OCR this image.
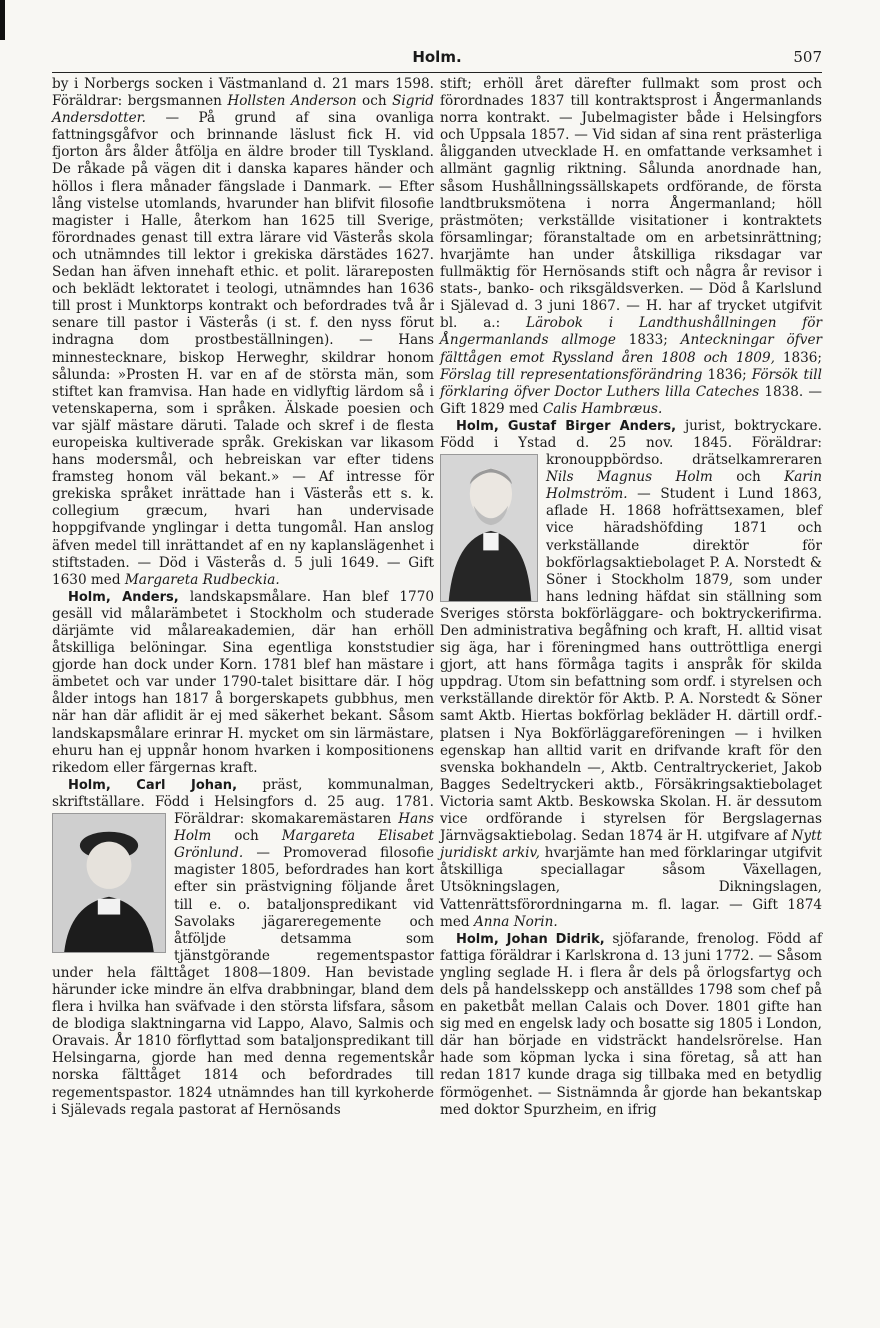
Holm.	507

by i Norbergs socken i Västmanland d. 21 mars 1598. Föräldrar: bergsmannen Hollsten Anderson och Sigrid Andersdotter. — På grund af sina ovanliga fattningsgåfvor och brinnande läslust fick H. vid fjorton års ålder åtfölja en äldre broder till Tyskland. De råkade på vägen dit i danska kapares händer och höllos i flera månader fängslade i Danmark. — Efter lång vistelse utomlands, hvarunder han blifvit filosofie magister i Halle, återkom han 1625 till Sverige, förordnades genast till extra lärare vid Västerås skola och utnämndes till lektor i grekiska därstädes 1627. Sedan han äfven innehaft ethic. et polit. lärareposten och beklädt lektoratet i teologi, utnämndes han 1636 till prost i Munktorps kontrakt och befordrades två år senare till pastor i Västerås (i st. f. den nyss förut indragna dom prostbeställningen). — Hans minnestecknare, biskop Herweghr, skildrar honom sålunda: »Prosten H. var en af de största män, som stiftet kan framvisa. Han hade en vidlyftig lärdom så i vetenskaperna, som i språken. Älskade poesien och var själf mästare däruti. Talade och skref i de flesta europeiska kultiverade språk. Grekiskan var likasom hans modersmål, och hebreiskan var efter tidens framsteg honom väl bekant.» — Af intresse för grekiska språket inrättade han i Västerås ett s. k. collegium græcum, hvari han undervisade hoppgifvande ynglingar i detta tungomål. Han anslog äfven medel till inrättandet af en ny kaplanslägenhet i stiftstaden. — Död i Västerås d. 5 juli 1649. — Gift 1630 med Margareta Rudbeckia.

Holm, Anders, landskapsmålare. Han blef 1770 gesäll vid målarämbetet i Stockholm och studerade därjämte vid målareakademien, där han erhöll åtskilliga belöningar. Sina egentliga konststudier gjorde han dock under Korn. 1781 blef han mästare i ämbetet och var under 1790-talet bisittare där. I hög ålder intogs han 1817 å borgerskapets gubbhus, men när han där aflidit är ej med säkerhet bekant. Såsom landskapsmålare erinrar H. mycket om sin lärmästare, ehuru han ej uppnår honom hvarken i kompositionens rikedom eller färgernas kraft.

Holm, Carl Johan, präst, kommunalman, skriftställare. Född i Helsingfors d. 25 aug. 1781. Föräldrar: skomakaremästaren
Hans Holm och Margareta Elisabet Grönlund. — Promoverad filosofie magister 1805, befordrades han kort efter sin prästvigning följande året till e. o. bataljonspredikant vid Savolaks jägareregemente och åtföljde detsamma som tjänstgörande regementspastor under hela fälttåget 1808—1809. Han bevistade härunder icke mindre än elfva drabbningar, bland dem flera i hvilka han sväfvade i den största lifsfara, såsom de blodiga slaktningarna vid Lappo, Alavo, Salmis och Oravais. År 1810 förflyttad som bataljonspredikant till Helsingarna, gjorde han med denna regementskår norska fälttåget 1814 och befordrades till regementspastor. 1824 utnämndes han till kyrkoherde i Själevads regala pastorat af Hernösands

stift; erhöll året därefter fullmakt som prost och förordnades 1837 till kontraktsprost i Ångermanlands norra kontrakt. — Jubelmagister både i Helsingfors och Uppsala 1857. — Vid sidan af sina rent prästerliga åligganden utvecklade H. en omfattande verksamhet i allmänt gagnlig riktning. Sålunda anordnade han, såsom Hushållningssällskapets ordförande, de första landtbruksmötena i norra Ångermanland; höll prästmöten; verkställde visitationer i kontraktets församlingar; föranstaltade om en arbetsinrättning; hvarjämte han under åtskilliga riksdagar var fullmäktig för Hernösands stift och några år revisor i stats-, banko- och riksgäldsverken. — Död å Karlslund i Själevad d. 3 juni 1867. — H. har af trycket utgifvit bl. a.: Lärobok i Landthushållningen för Ångermanlands allmoge 1833; Anteckningar öfver fälttågen emot Ryssland åren 1808 och 1809, 1836; Förslag till representationsförändring 1836; Försök till förklaring öfver Doctor Luthers lilla Cateches 1838. — Gift 1829 med Calis Hambræus.

Holm, Gustaf Birger Anders, jurist, boktryckare. Född i Ystad d. 25 nov. 1845. Föräldrar: kronouppbördso. drätselkamreraren
Nils Magnus Holm och Karin Holmström. — Student i Lund 1863, aflade H. 1868 hofrättsexamen, blef vice häradshöfding 1871 och verkställande direktör för bokförlagsaktiebolaget P. A. Norstedt & Söner i Stockholm 1879, som under hans ledning häfdat sin ställning som Sveriges största bokförläggare- och boktryckerifirma. Den administrativa begåfning och kraft, H. alltid visat sig äga, har i föreningmed hans outtröttliga energi gjort, att hans förmåga tagits i anspråk för skilda uppdrag. Utom sin befattning som ordf. i styrelsen och verkställande direktör för Aktb. P. A. Norstedt & Söner samt Aktb. Hiertas bokförlag bekläder H. därtill ordf.-platsen i Nya Bokförläggareföreningen — i hvilken egenskap han alltid varit en drifvande kraft för den svenska bokhandeln —, Aktb. Centraltryckeriet, Jakob Bagges Sedeltryckeri aktb., Försäkringsaktiebolaget Victoria samt Aktb. Beskowska Skolan. H. är dessutom vice ordförande i styrelsen för Bergslagernas Järnvägsaktiebolag. Sedan 1874 är H. utgifvare af Nytt juridiskt arkiv, hvarjämte han med förklaringar utgifvit åtskilliga speciallagar såsom Växellagen, Utsökningslagen, Dikningslagen, Vattenrättsförordningarna m. fl. lagar. — Gift 1874 med Anna Norin.

Holm, Johan Didrik, sjöfarande, frenolog. Född af fattiga föräldrar i Karlskrona d. 13 juni 1772. — Såsom yngling seglade H. i flera år dels på örlogsfartyg och dels på handelsskepp och anställdes 1798 som chef på en paketbåt mellan Calais och Dover. 1801 gifte han sig med en engelsk lady och bosatte sig 1805 i London, där han började en vidsträckt handelsrörelse. Han hade som köpman lycka i sina företag, så att han redan 1817 kunde draga sig tillbaka med en betydlig förmögenhet. — Sistnämnda år gjorde han bekantskap med doktor Spurzheim, en ifrig
